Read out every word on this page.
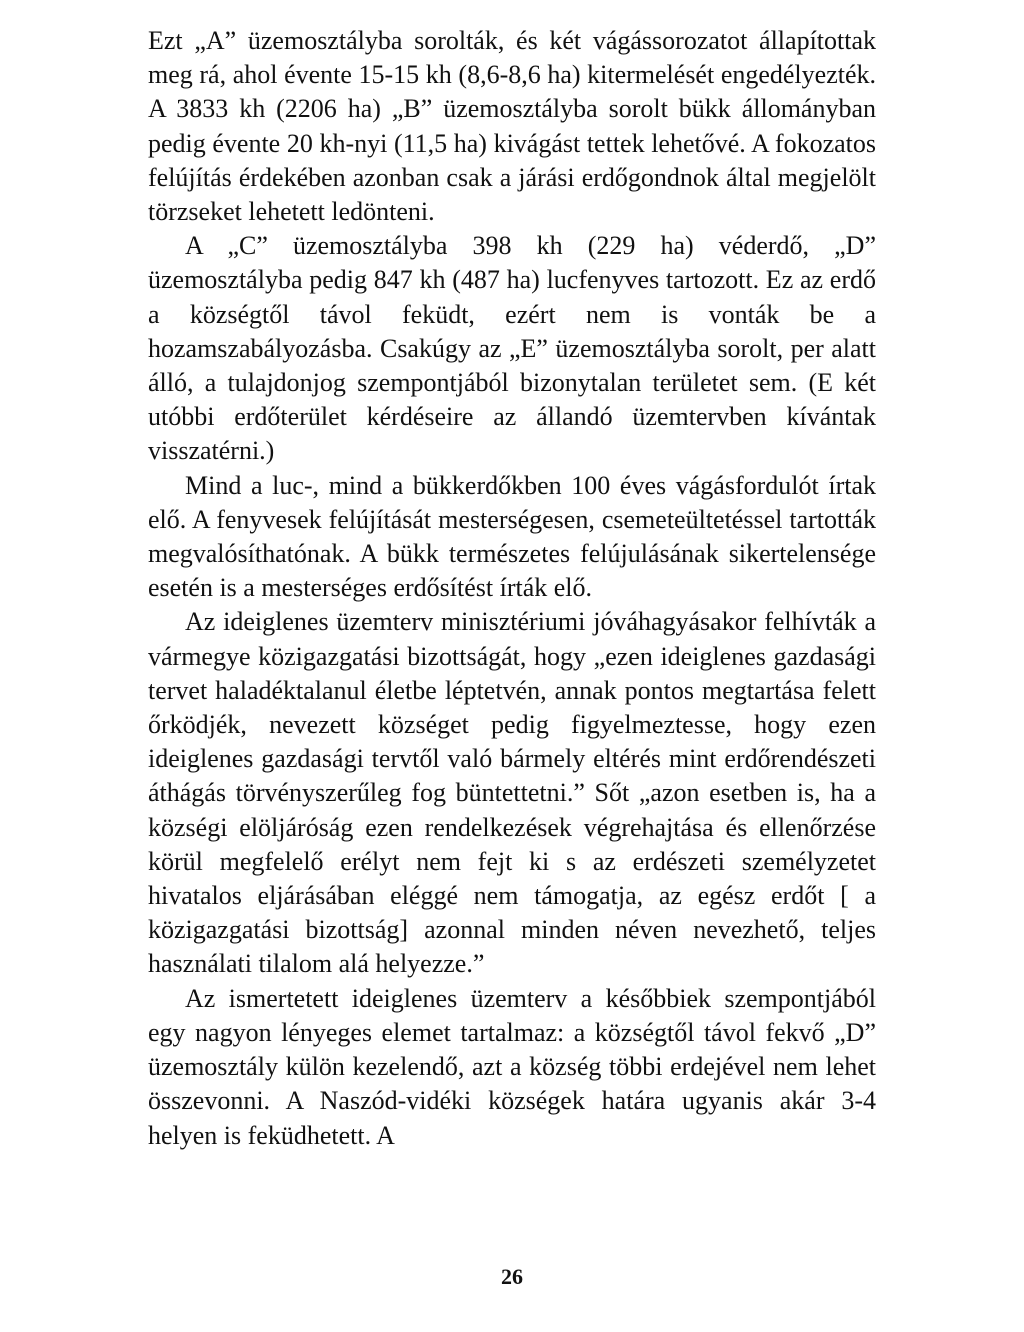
Ezt „A” üzemosztályba sorolták, és két vágássorozatot állapítottak meg rá, ahol évente 15-15 kh (8,6-8,6 ha) kitermelését engedélyezték. A 3833 kh (2206 ha) „B” üzemosztályba sorolt bükk állományban pedig évente 20 kh-nyi (11,5 ha) kivágást tettek lehetővé. A fokozatos felújítás érdekében azonban csak a járási erdőgondnok által megjelölt törzseket lehetett ledönteni.

A „C” üzemosztályba 398 kh (229 ha) véderdő, „D” üzemosztályba pedig 847 kh (487 ha) lucfenyves tartozott. Ez az erdő a községtől távol feküdt, ezért nem is vonták be a hozamszabályozásba. Csakúgy az „E” üzemosztályba sorolt, per alatt álló, a tulajdonjog szempontjából bizonytalan területet sem. (E két utóbbi erdőterület kérdéseire az állandó üzemtervben kívántak visszatérni.)

Mind a luc-, mind a bükkerdőkben 100 éves vágásfordulót írtak elő. A fenyvesek felújítását mesterségesen, csemeteültetéssel tartották megvalósíthatónak. A bükk természetes felújulásának sikertelensége esetén is a mesterséges erdősítést írták elő.

Az ideiglenes üzemterv minisztériumi jóváhagyásakor felhívták a vármegye közigazgatási bizottságát, hogy „ezen ideiglenes gazdasági tervet haladéktalanul életbe léptetvén, annak pontos megtartása felett őrködjék, nevezett községet pedig figyelmeztesse, hogy ezen ideiglenes gazdasági tervtől való bármely eltérés mint erdőrendészeti áthágás törvényszerűleg fog büntettetni.” Sőt „azon esetben is, ha a községi elöljáróság ezen rendelkezések végrehajtása és ellenőrzése körül megfelelő erélyt nem fejt ki s az erdészeti személyzetet hivatalos eljárásában eléggé nem támogatja, az egész erdőt [ a közigazgatási bizottság] azonnal minden néven nevezhető, teljes használati tilalom alá helyezze.”

Az ismertetett ideiglenes üzemterv a későbbiek szempontjából egy nagyon lényeges elemet tartalmaz: a községtől távol fekvő „D” üzemosztály külön kezelendő, azt a község többi erdejével nem lehet összevonni. A Naszód-vidéki községek határa ugyanis akár 3-4 helyen is feküdhetett. A

26
